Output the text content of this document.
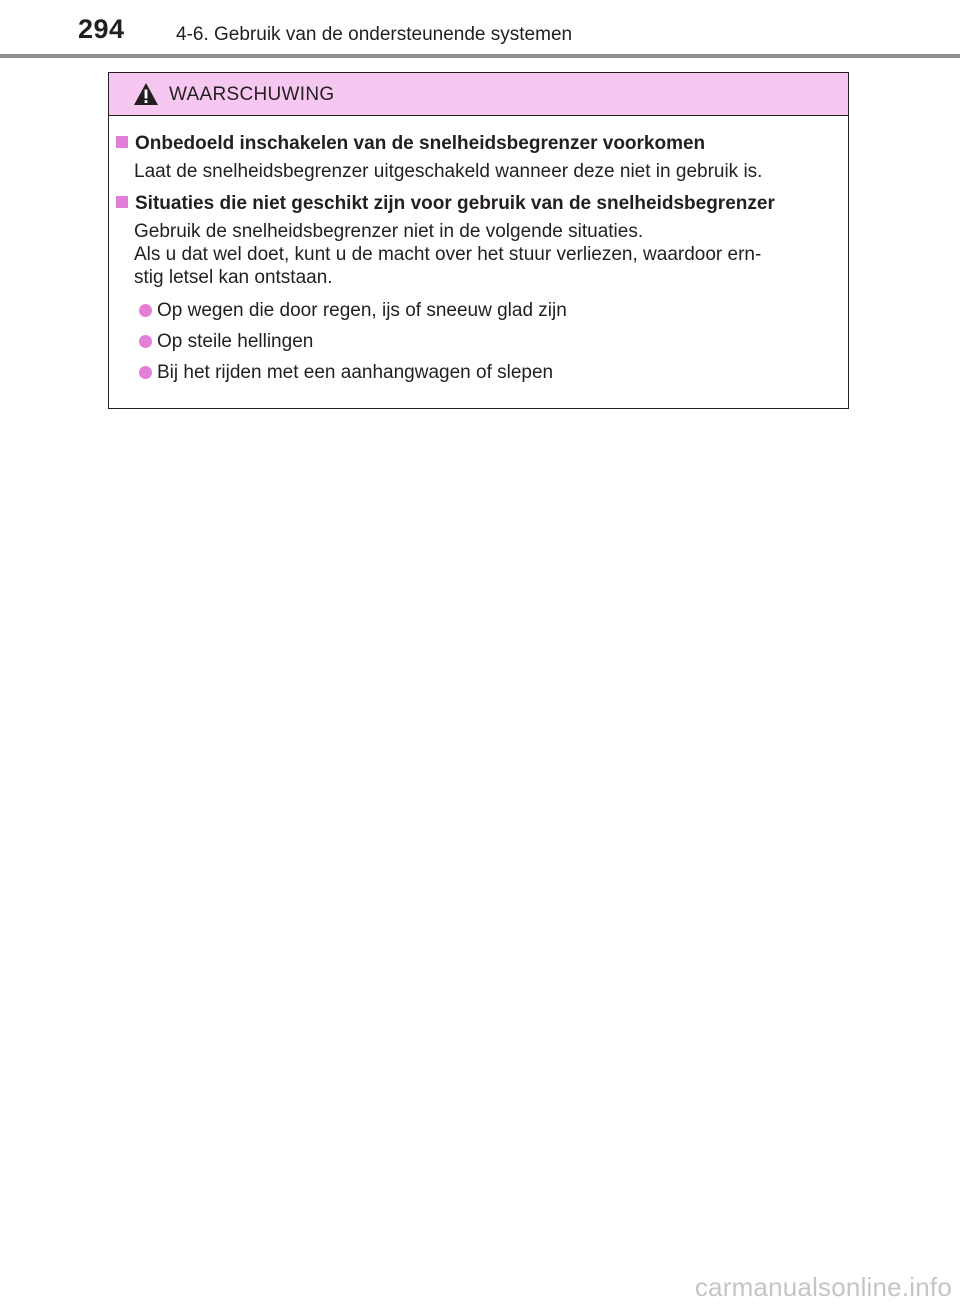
294	4-6. Gebruik van de ondersteunende systemen
WAARSCHUWING
Onbedoeld inschakelen van de snelheidsbegrenzer voorkomen
Laat de snelheidsbegrenzer uitgeschakeld wanneer deze niet in gebruik is.
Situaties die niet geschikt zijn voor gebruik van de snelheidsbegrenzer
Gebruik de snelheidsbegrenzer niet in de volgende situaties.
Als u dat wel doet, kunt u de macht over het stuur verliezen, waardoor ern-
stig letsel kan ontstaan.
Op wegen die door regen, ijs of sneeuw glad zijn
Op steile hellingen
Bij het rijden met een aanhangwagen of slepen
carmanualsonline.info
